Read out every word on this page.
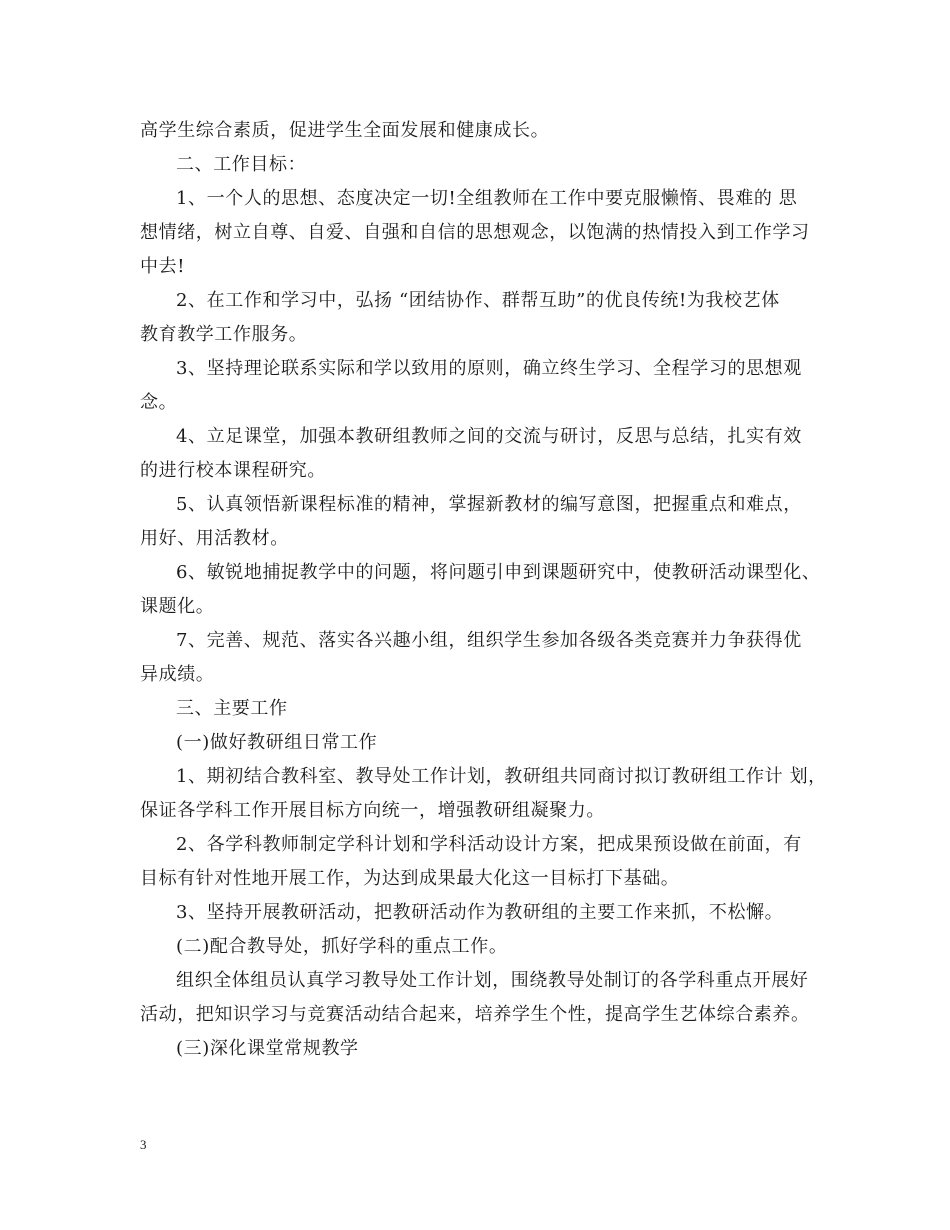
高学生综合素质，促进学生全面发展和健康成长。
二、工作目标：
1、一个人的思想、态度决定一切!全组教师在工作中要克服懒惰、畏难的 思
想情绪，树立自尊、自爱、自强和自信的思想观念，以饱满的热情投入到工作学习
中去!
2、在工作和学习中，弘扬 “团结协作、群帮互助”的优良传统!为我校艺体
教育教学工作服务。
3、坚持理论联系实际和学以致用的原则，确立终生学习、全程学习的思想观
念。
4、立足课堂，加强本教研组教师之间的交流与研讨，反思与总结，扎实有效
的进行校本课程研究。
5、认真领悟新课程标准的精神，掌握新教材的编写意图，把握重点和难点，
用好、用活教材。
6、敏锐地捕捉教学中的问题，将问题引申到课题研究中，使教研活动课型化、
课题化。
7、完善、规范、落实各兴趣小组，组织学生参加各级各类竞赛并力争获得优
异成绩。
三、主要工作
(一)做好教研组日常工作
1、期初结合教科室、教导处工作计划，教研组共同商讨拟订教研组工作计 划，
保证各学科工作开展目标方向统一，增强教研组凝聚力。
2、各学科教师制定学科计划和学科活动设计方案，把成果预设做在前面，有
目标有针对性地开展工作，为达到成果最大化这一目标打下基础。
3、坚持开展教研活动，把教研活动作为教研组的主要工作来抓，不松懈。
(二)配合教导处，抓好学科的重点工作。
组织全体组员认真学习教导处工作计划，围绕教导处制订的各学科重点开展好
活动，把知识学习与竞赛活动结合起来，培养学生个性，提高学生艺体综合素养。
(三)深化课堂常规教学
3
